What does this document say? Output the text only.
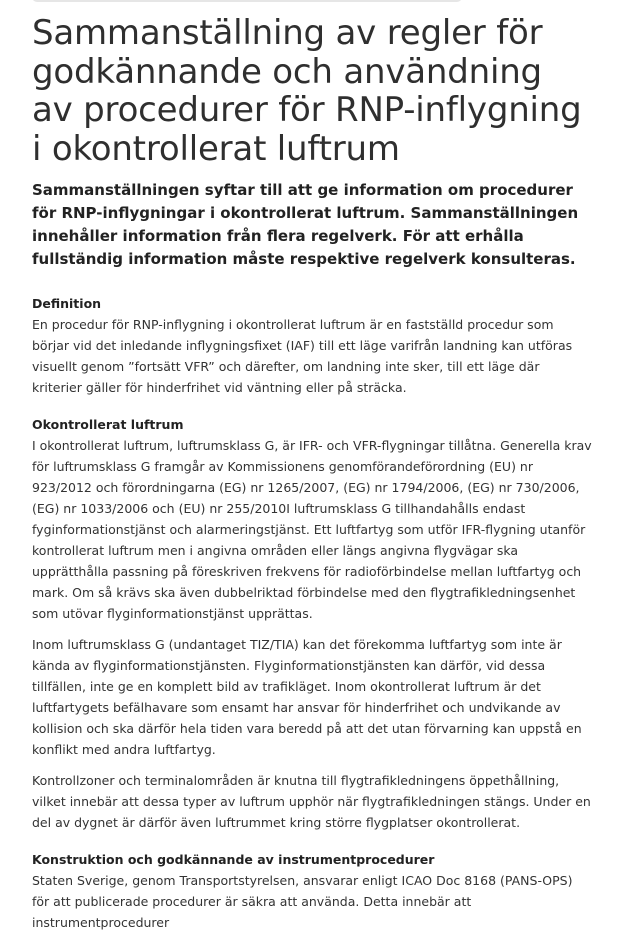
Sammanställning av regler för godkännande och användning av procedurer för RNP-inflygning i okontrollerat luftrum
Sammanställningen syftar till att ge information om procedurer för RNP-inflygningar i okontrollerat luftrum. Sammanställningen innehåller information från flera regelverk. För att erhålla fullständig information måste respektive regelverk konsulteras.
Definition

En procedur för RNP-inflygning i okontrollerat luftrum är en fastställd procedur som börjar vid det inledande inflygningsfixet (IAF) till ett läge varifrån landning kan utföras visuellt genom ”fortsätt VFR” och därefter, om landning inte sker, till ett läge där kriterier gäller för hinderfrihet vid väntning eller på sträcka.

Okontrollerat luftrum

I okontrollerat luftrum, luftrumsklass G, är IFR- och VFR-flygningar tillåtna. Generella krav för luftrumsklass G framgår av Kommissionens genomförandeförordning (EU) nr 923/2012 och förordningarna (EG) nr 1265/2007, (EG) nr 1794/2006, (EG) nr 730/2006, (EG) nr 1033/2006 och (EU) nr 255/2010I luftrumsklass G tillhandahålls endast fyginformationstjänst och alarmeringstjänst. Ett luftfartyg som utför IFR-flygning utanför kontrollerat luftrum men i angivna områden eller längs angivna flygvägar ska upprätthålla passning på föreskriven frekvens för radioförbindelse mellan luftfartyg och mark. Om så krävs ska även dubbelriktad förbindelse med den flygtrafikledningsenhet som utövar flyginformationstjänst upprättas.

Inom luftrumsklass G (undantaget TIZ/TIA) kan det förekomma luftfartyg som inte är kända av flyginformationstjänsten. Flyginformationstjänsten kan därför, vid dessa tillfällen, inte ge en komplett bild av trafikläget. Inom okontrollerat luftrum är det luftfartygets befälhavare som ensamt har ansvar för hinderfrihet och undvikande av kollision och ska därför hela tiden vara beredd på att det utan förvarning kan uppstå en konflikt med andra luftfartyg.

Kontrollzoner och terminalområden är knutna till flygtrafikledningens öppethållning, vilket innebär att dessa typer av luftrum upphör när flygtrafikledningen stängs. Under en del av dygnet är därför även luftrummet kring större flygplatser okontrollerat.

Konstruktion och godkännande av instrumentprocedurer

Staten Sverige, genom Transportstyrelsen, ansvarar enligt ICAO Doc 8168 (PANS-OPS) för att publicerade procedurer är säkra att använda. Detta innebär att instrumentprocedurer
